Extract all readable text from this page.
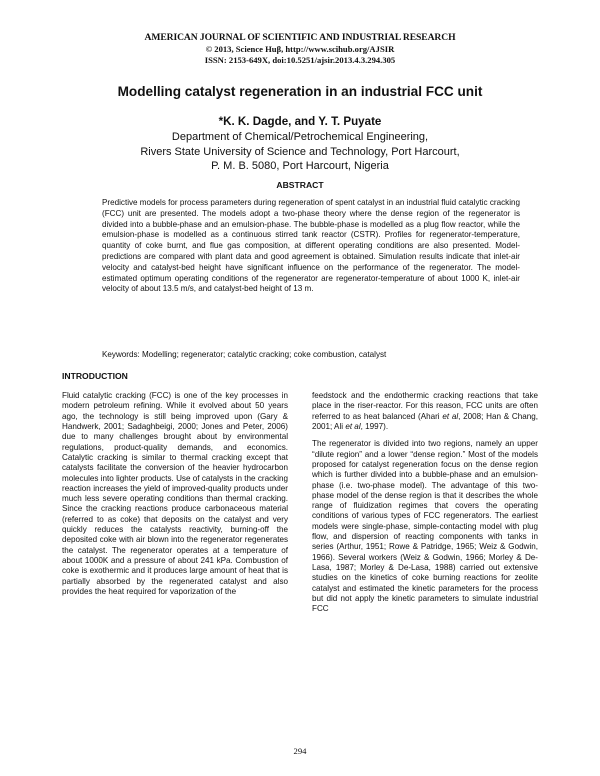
AMERICAN JOURNAL OF SCIENTIFIC AND INDUSTRIAL RESEARCH
© 2013, Science Huβ, http://www.scihub.org/AJSIR
ISSN: 2153-649X, doi:10.5251/ajsir.2013.4.3.294.305
Modelling catalyst regeneration in an industrial FCC unit
*K. K. Dagde, and Y. T. Puyate
Department of Chemical/Petrochemical Engineering,
Rivers State University of Science and Technology, Port Harcourt,
P. M. B. 5080, Port Harcourt, Nigeria
ABSTRACT
Predictive models for process parameters during regeneration of spent catalyst in an industrial fluid catalytic cracking (FCC) unit are presented. The models adopt a two-phase theory where the dense region of the regenerator is divided into a bubble-phase and an emulsion-phase. The bubble-phase is modelled as a plug flow reactor, while the emulsion-phase is modelled as a continuous stirred tank reactor (CSTR). Profiles for regenerator-temperature, quantity of coke burnt, and flue gas composition, at different operating conditions are also presented. Model-predictions are compared with plant data and good agreement is obtained. Simulation results indicate that inlet-air velocity and catalyst-bed height have significant influence on the performance of the regenerator. The model-estimated optimum operating conditions of the regenerator are regenerator-temperature of about 1000 K, inlet-air velocity of about 13.5 m/s, and catalyst-bed height of 13 m.
Keywords: Modelling; regenerator; catalytic cracking; coke combustion, catalyst
INTRODUCTION

Fluid catalytic cracking (FCC) is one of the key processes in modern petroleum refining. While it evolved about 50 years ago, the technology is still being improved upon (Gary & Handwerk, 2001; Sadaghbeigi, 2000; Jones and Peter, 2006) due to many challenges brought about by environmental regulations, product-quality demands, and economics. Catalytic cracking is similar to thermal cracking except that catalysts facilitate the conversion of the heavier hydrocarbon molecules into lighter products. Use of catalysts in the cracking reaction increases the yield of improved-quality products under much less severe operating conditions than thermal cracking. Since the cracking reactions produce carbonaceous material (referred to as coke) that deposits on the catalyst and very quickly reduces the catalysts reactivity, burning-off the deposited coke with air blown into the regenerator regenerates the catalyst. The regenerator operates at a temperature of about 1000K and a pressure of about 241 kPa. Combustion of coke is exothermic and it produces large amount of heat that is partially absorbed by the regenerated catalyst and also provides the heat required for vaporization of the

feedstock and the endothermic cracking reactions that take place in the riser-reactor. For this reason, FCC units are often referred to as heat balanced (Ahari et al, 2008; Han & Chang, 2001; Ali et al, 1997).

The regenerator is divided into two regions, namely an upper “dilute region” and a lower “dense region.” Most of the models proposed for catalyst regeneration focus on the dense region which is further divided into a bubble-phase and an emulsion-phase (i.e. two-phase model). The advantage of this two-phase model of the dense region is that it describes the whole range of fluidization regimes that covers the operating conditions of various types of FCC regenerators. The earliest models were single-phase, simple-contacting model with plug flow, and dispersion of reacting components with tanks in series (Arthur, 1951; Rowe & Patridge, 1965; Weiz & Godwin, 1966). Several workers (Weiz & Godwin, 1966; Morley & De-Lasa, 1987; Morley & De-Lasa, 1988) carried out extensive studies on the kinetics of coke burning reactions for zeolite catalyst and estimated the kinetic parameters for the process but did not apply the kinetic parameters to simulate industrial FCC

294
